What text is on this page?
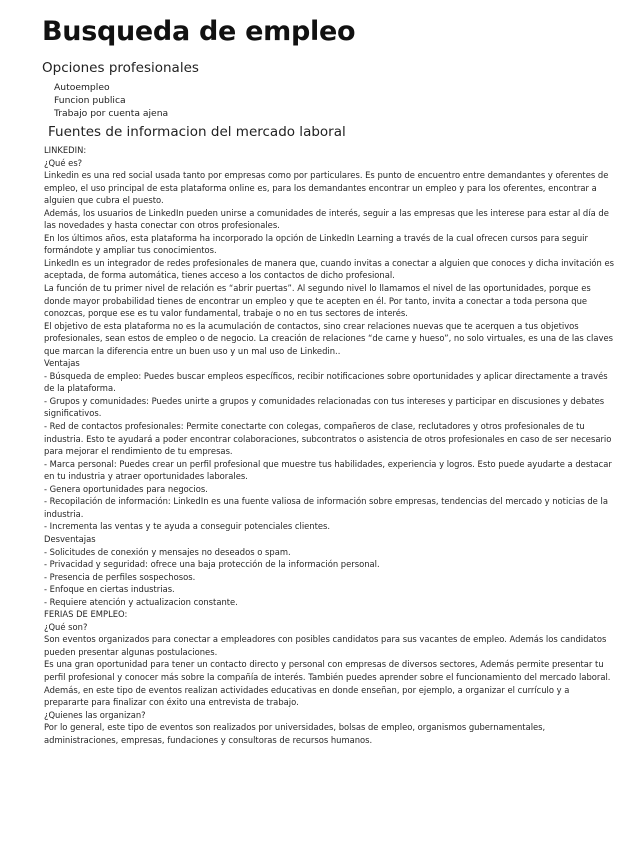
Busqueda de empleo
Opciones profesionales
Autoempleo
Funcion publica
Trabajo por cuenta ajena
Fuentes de informacion del mercado laboral

LINKEDIN:

¿Qué es?

Linkedin es una red social usada tanto por empresas como por particulares. Es punto de encuentro entre demandantes y oferentes de empleo, el uso principal de esta plataforma online es, para los demandantes encontrar un empleo y para los oferentes, encontrar a alguien que cubra el puesto.

Además, los usuarios de LinkedIn pueden unirse a comunidades de interés, seguir a las empresas que les interese para estar al día de las novedades y hasta conectar con otros profesionales.

En los últimos años, esta plataforma ha incorporado la opción de LinkedIn Learning a través de la cual ofrecen cursos para seguir formándote y ampliar tus conocimientos.

LinkedIn es un integrador de redes profesionales de manera que, cuando invitas a conectar a alguien que conoces y dicha invitación es aceptada, de forma automática, tienes acceso a los contactos de dicho profesional.

La función de tu primer nivel de relación es “abrir puertas”. Al segundo nivel lo llamamos el nivel de las oportunidades, porque es donde mayor probabilidad tienes de encontrar un empleo y que te acepten en él. Por tanto, invita a conectar a toda persona que conozcas, porque ese es tu valor fundamental, trabaje o no en tus sectores de interés.

El objetivo de esta plataforma no es la acumulación de contactos, sino crear relaciones nuevas que te acerquen a tus objetivos profesionales, sean estos de empleo o de negocio. La creación de relaciones “de carne y hueso”, no solo virtuales, es una de las claves que marcan la diferencia entre un buen uso y un mal uso de Linkedin..

Ventajas

- Búsqueda de empleo: Puedes buscar empleos específicos, recibir notificaciones sobre oportunidades y aplicar directamente a través de la plataforma.

- Grupos y comunidades: Puedes unirte a grupos y comunidades relacionadas con tus intereses y participar en discusiones y debates significativos.

- Red de contactos profesionales: Permite conectarte con colegas, compañeros de clase, reclutadores y otros profesionales de tu industria. Esto te ayudará a poder encontrar colaboraciones, subcontratos o asistencia de otros profesionales en caso de ser necesario para mejorar el rendimiento de tu empresas.

- Marca personal: Puedes crear un perfil profesional que muestre tus habilidades, experiencia y logros. Esto puede ayudarte a destacar en tu industria y atraer oportunidades laborales.

- Genera oportunidades para negocios.

- Recopilación de información: LinkedIn es una fuente valiosa de información sobre empresas, tendencias del mercado y noticias de la industria.

- Incrementa las ventas y te ayuda a conseguir potenciales clientes.

Desventajas

- Solicitudes de conexión y mensajes no deseados o spam.

- Privacidad y seguridad: ofrece una baja protección de la información personal.

- Presencia de perfiles sospechosos.

- Enfoque en ciertas industrias.

- Requiere atención y actualizacion constante.

FERIAS DE EMPLEO:

¿Qué son?

Son eventos organizados para conectar a empleadores con posibles candidatos para sus vacantes de empleo. Además los candidatos pueden presentar algunas postulaciones.

Es una gran oportunidad para tener un contacto directo y personal con empresas de diversos sectores, Además permite presentar tu perfil profesional y conocer más sobre la compañía de interés. También puedes aprender sobre el funcionamiento del mercado laboral. Además, en este tipo de eventos realizan actividades educativas en donde enseñan, por ejemplo, a organizar el currículo y a prepararte para finalizar con éxito una entrevista de trabajo.

¿Quienes las organizan?

Por lo general, este tipo de eventos son realizados por universidades, bolsas de empleo, organismos gubernamentales, administraciones, empresas, fundaciones y consultoras de recursos humanos.
